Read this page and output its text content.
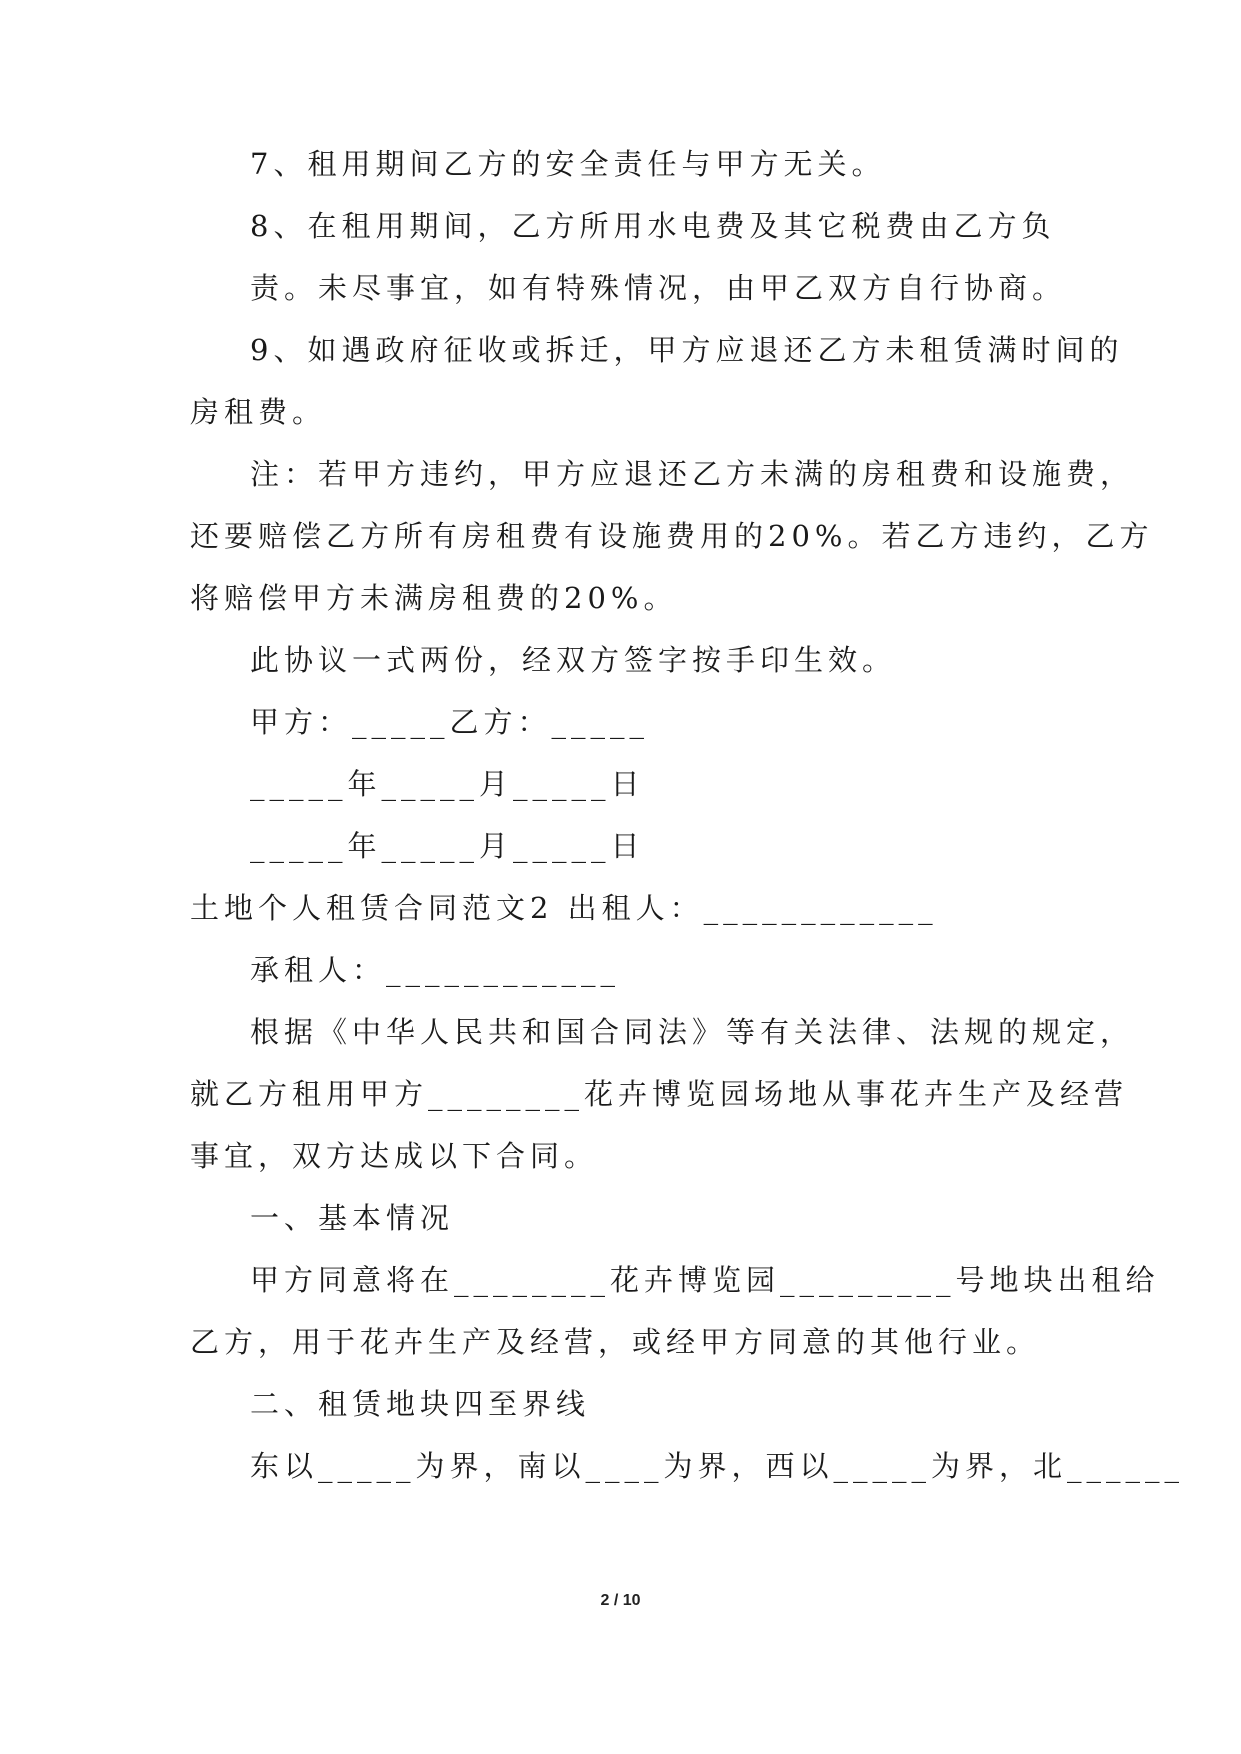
7、租用期间乙方的安全责任与甲方无关。
8、在租用期间，乙方所用水电费及其它税费由乙方负
责。未尽事宜，如有特殊情况，由甲乙双方自行协商。
9、如遇政府征收或拆迁，甲方应退还乙方未租赁满时间的
房租费。
注：若甲方违约，甲方应退还乙方未满的房租费和设施费，
还要赔偿乙方所有房租费有设施费用的20%。若乙方违约，乙方
将赔偿甲方未满房租费的20%。
此协议一式两份，经双方签字按手印生效。
甲方：_____乙方：_____
_____年_____月_____日
_____年_____月_____日
土地个人租赁合同范文2 出租人：____________
承租人：____________
根据《中华人民共和国合同法》等有关法律、法规的规定，
就乙方租用甲方________花卉博览园场地从事花卉生产及经营
事宜，双方达成以下合同。
一、基本情况
甲方同意将在________花卉博览园_________号地块出租给
乙方，用于花卉生产及经营，或经甲方同意的其他行业。
二、租赁地块四至界线
东以_____为界，南以____为界，西以_____为界，北______
2 / 10
